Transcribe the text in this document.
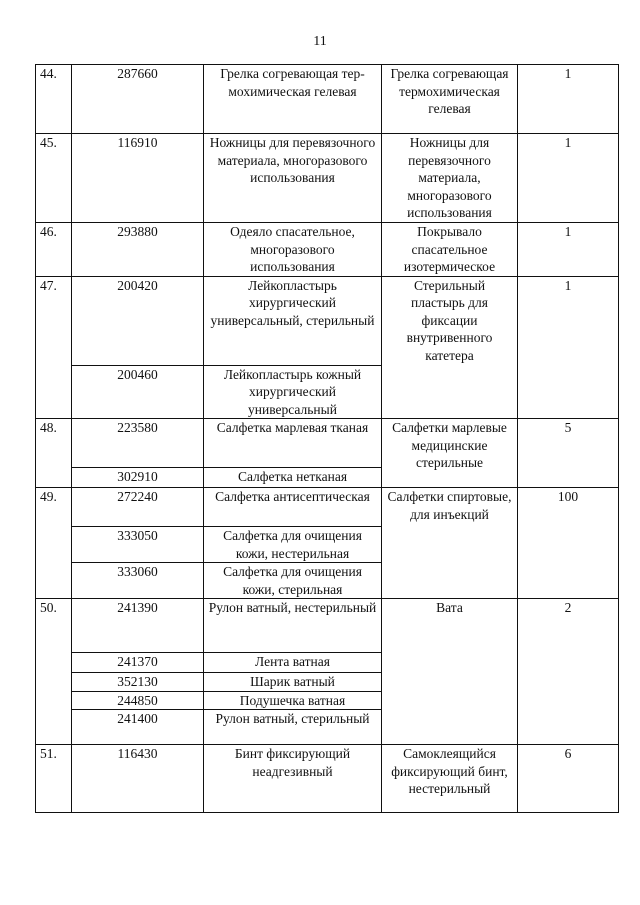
11
44.	287660	Грелка согревающая тер-мохимическая гелевая	Грелка согревающая термохимическая гелевая	1
45.	116910	Ножницы для перевязочного материала, многоразового использования	Ножницы для перевязочного материала, многоразового использования	1
46.	293880	Одеяло спасательное, многоразового использования	Покрывало спасательное изотермическое	1
47.	200420	Лейкопластырь хирургический универсальный, стерильный	Стерильный пластырь для фиксации внутривенного катетера	1
	200460	Лейкопластырь кожный хирургический универсальный		
48.	223580	Салфетка марлевая тканая	Салфетки марлевые медицинские стерильные	5
	302910	Салфетка нетканая		
49.	272240	Салфетка антисептическая	Салфетки спиртовые, для инъекций	100
	333050	Салфетка для очищения кожи, нестерильная		
	333060	Салфетка для очищения кожи, стерильная		
50.	241390	Рулон ватный, нестерильный	Вата	2
	241370	Лента ватная		
	352130	Шарик ватный		
	244850	Подушечка ватная		
	241400	Рулон ватный, стерильный		
51.	116430	Бинт фиксирующий неадгезивный	Самоклеящийся фиксирующий бинт, нестерильный	6
